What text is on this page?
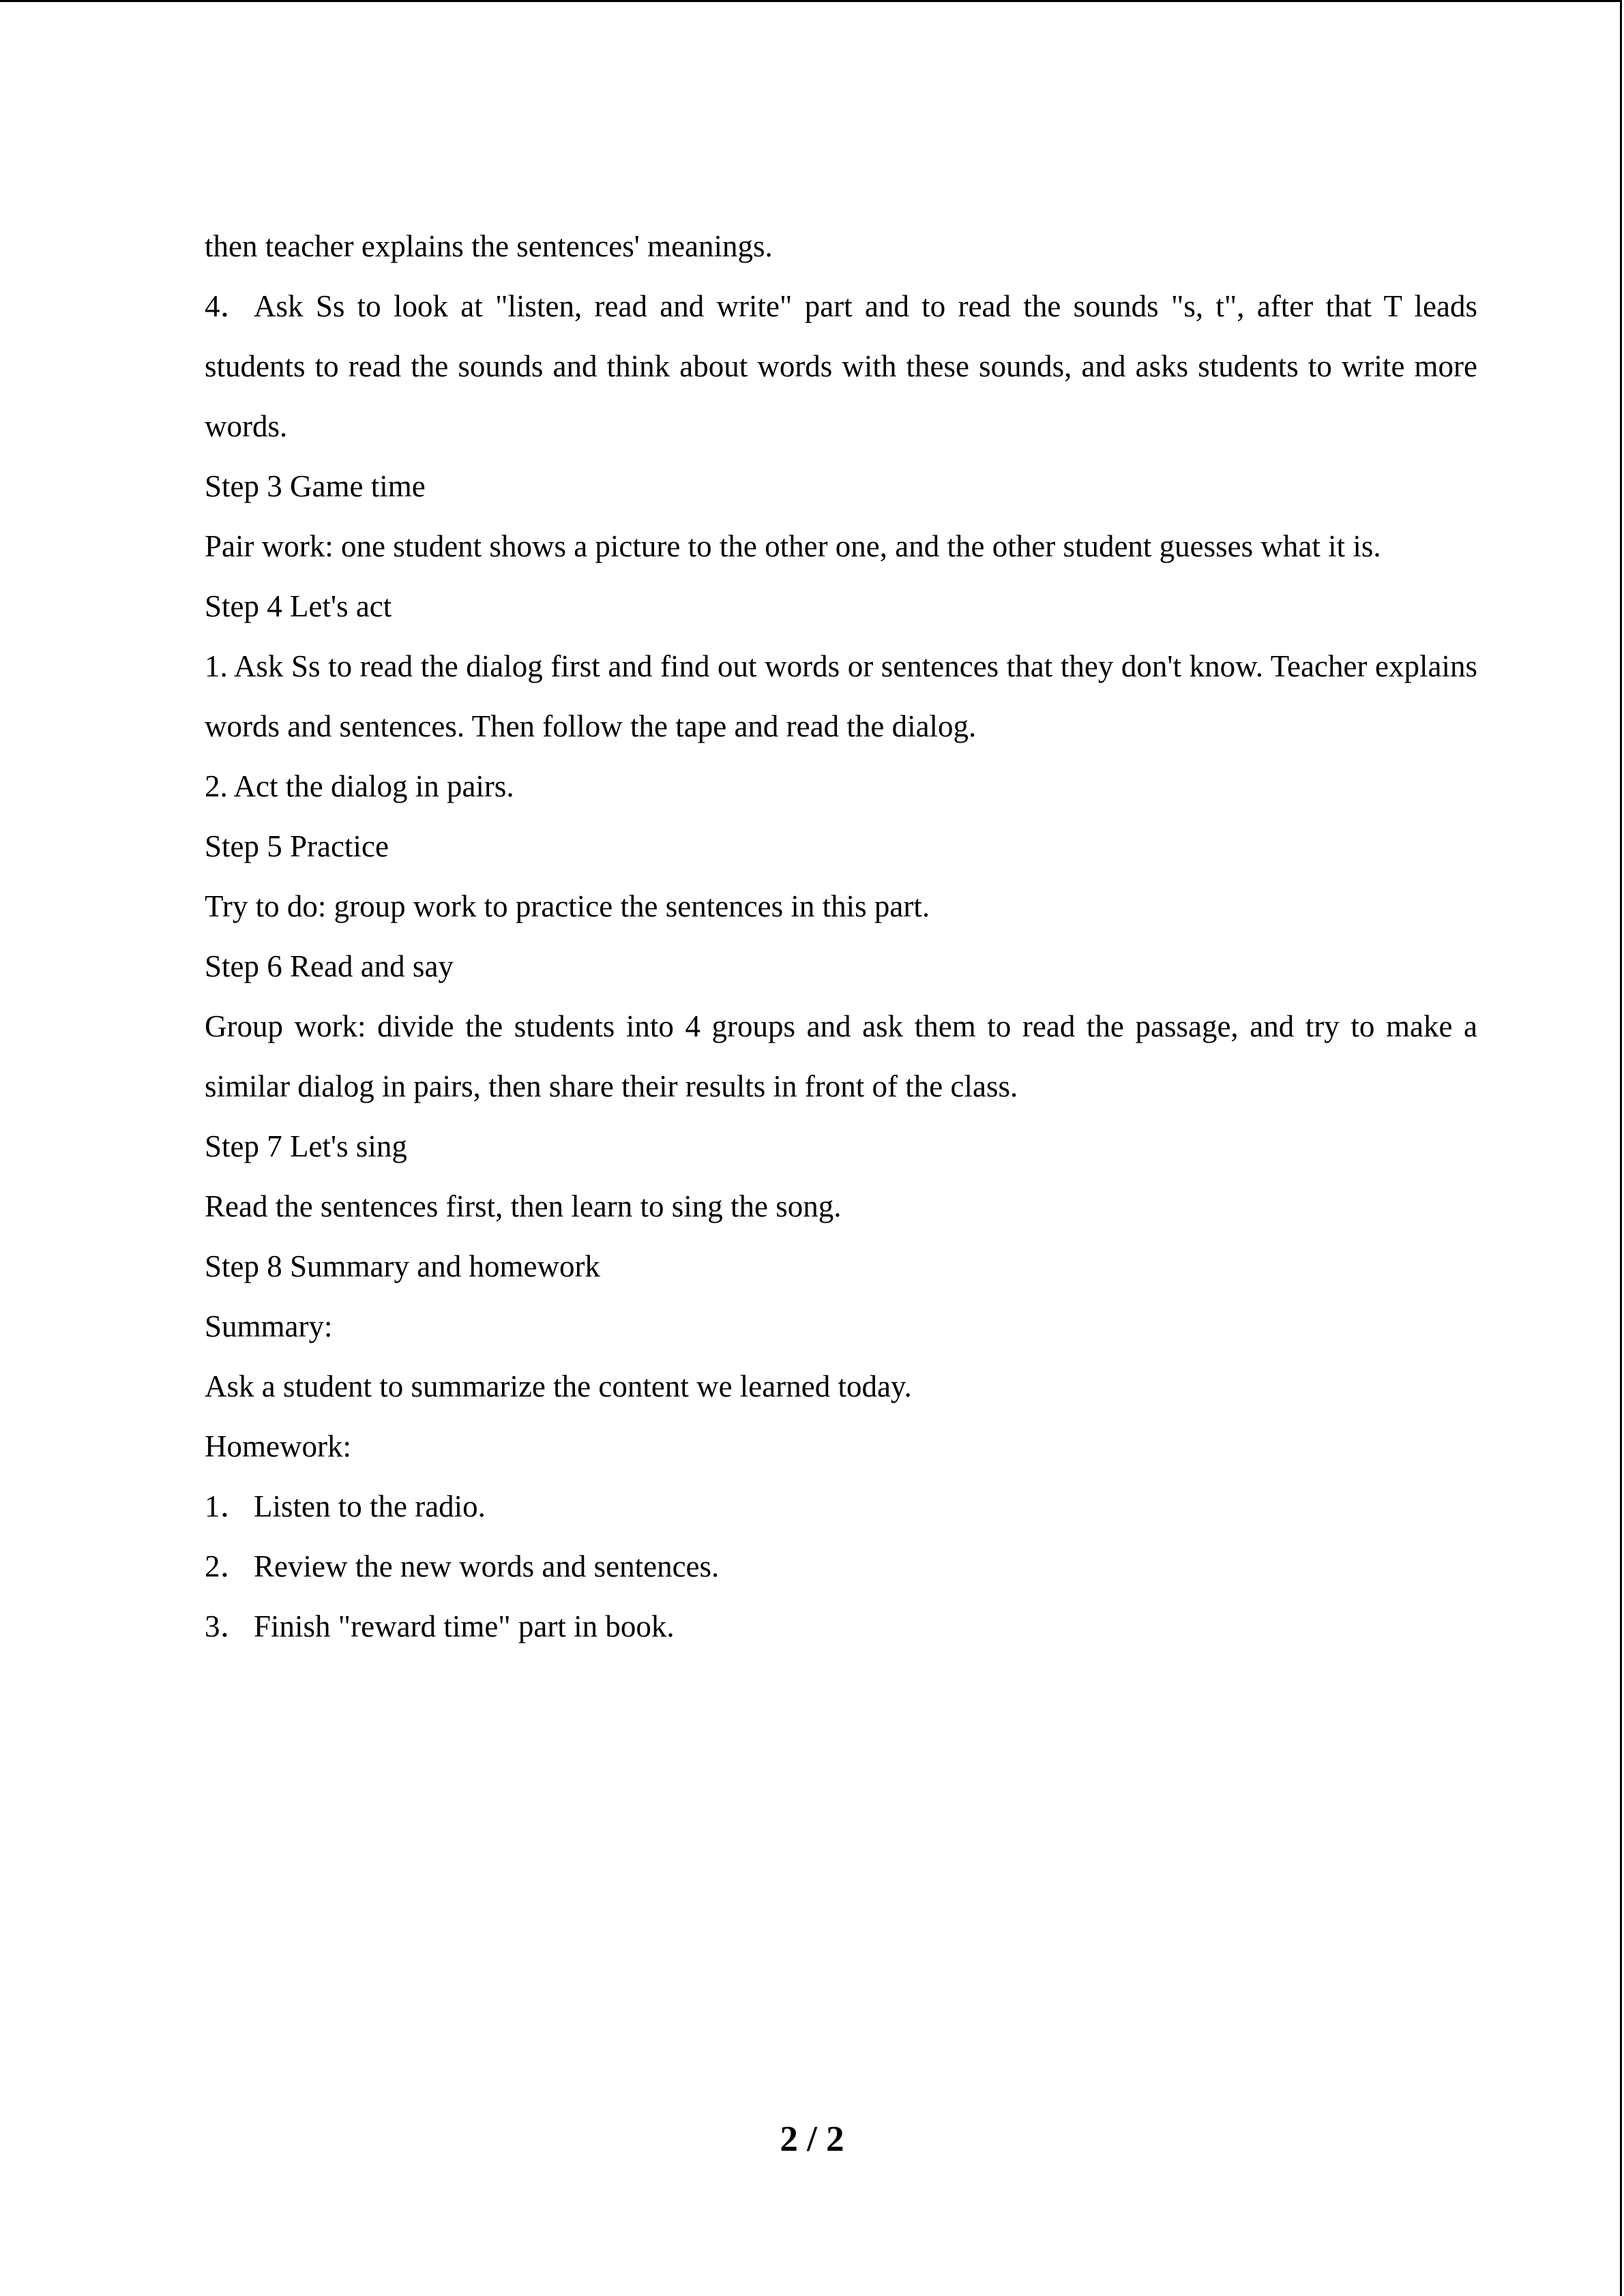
then teacher explains the sentences' meanings.

4．Ask Ss to look at "listen, read and write" part and to read the sounds "s, t", after that T leads students to read the sounds and think about words with these sounds, and asks students to write more words.

Step 3 Game time

Pair work: one student shows a picture to the other one, and the other student guesses what it is.

Step 4 Let's act

1. Ask Ss to read the dialog first and find out words or sentences that they don't know. Teacher explains words and sentences. Then follow the tape and read the dialog.

2. Act the dialog in pairs.

Step 5 Practice

Try to do: group work to practice the sentences in this part.

Step 6 Read and say

Group work: divide the students into 4 groups and ask them to read the passage, and try to make a similar dialog in pairs, then share their results in front of the class.

Step 7 Let's sing

Read the sentences first, then learn to sing the song.

Step 8 Summary and homework

Summary:

Ask a student to summarize the content we learned today.

Homework:

1．Listen to the radio.

2．Review the new words and sentences.

3．Finish "reward time" part in book.

2 / 2
